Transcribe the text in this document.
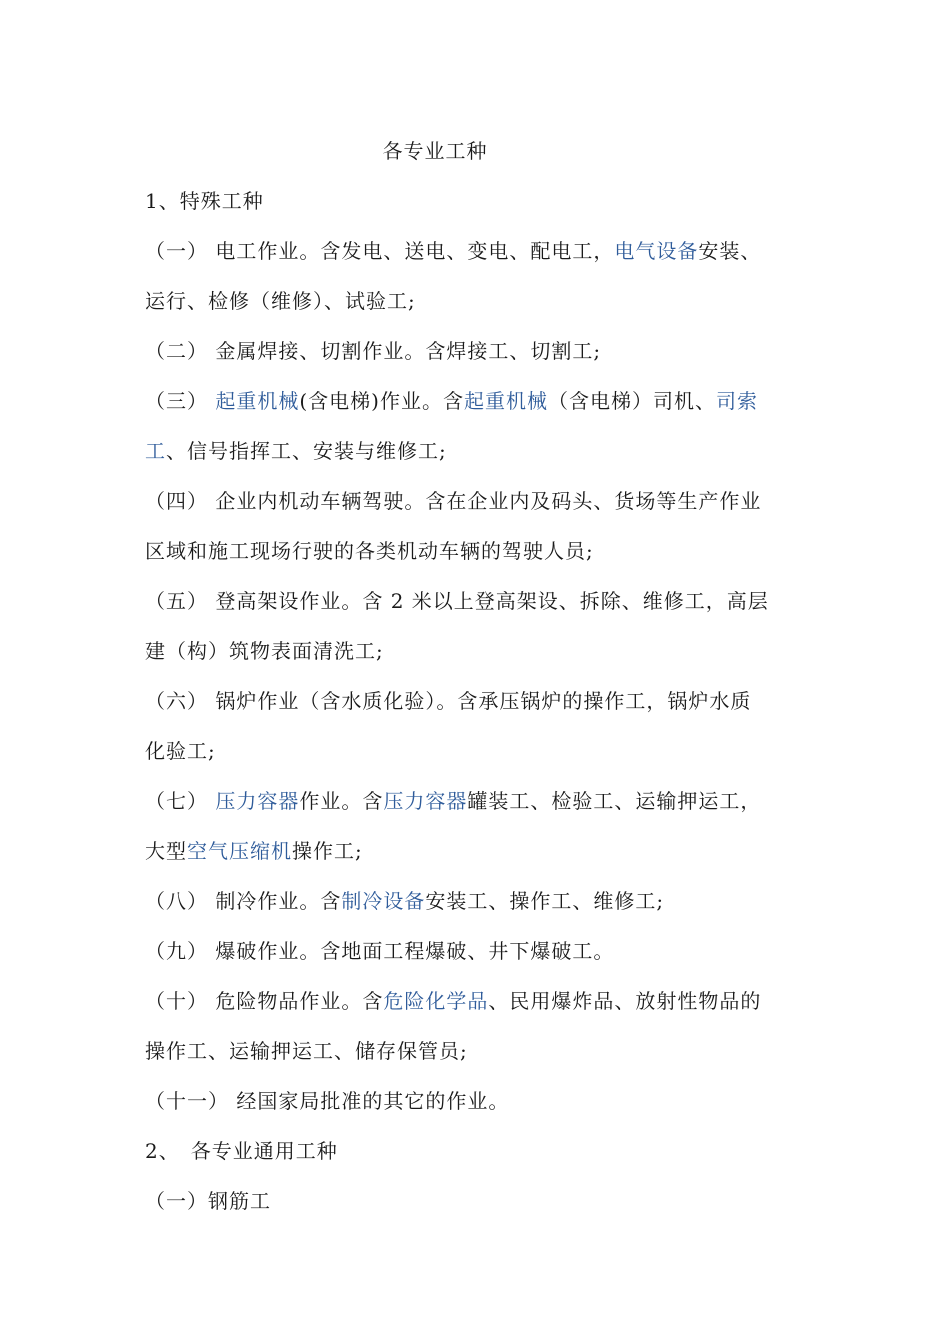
各专业工种
1、特殊工种
（一） 电工作业。含发电、送电、变电、配电工，电气设备安装、
运行、检修（维修）、试验工;
（二） 金属焊接、切割作业。含焊接工、切割工;
（三） 起重机械(含电梯)作业。含起重机械（含电梯）司机、司索
工、信号指挥工、安装与维修工;
（四） 企业内机动车辆驾驶。含在企业内及码头、货场等生产作业
区域和施工现场行驶的各类机动车辆的驾驶人员;
（五） 登高架设作业。含 2 米以上登高架设、拆除、维修工，高层
建（构）筑物表面清洗工;
（六） 锅炉作业（含水质化验）。含承压锅炉的操作工，锅炉水质
化验工;
（七） 压力容器作业。含压力容器罐装工、检验工、运输押运工，
大型空气压缩机操作工;
（八） 制冷作业。含制冷设备安装工、操作工、维修工;
（九） 爆破作业。含地面工程爆破、井下爆破工。
（十） 危险物品作业。含危险化学品、民用爆炸品、放射性物品的
操作工、运输押运工、储存保管员;
（十一） 经国家局批准的其它的作业。
2、　各专业通用工种
（一）钢筋工
